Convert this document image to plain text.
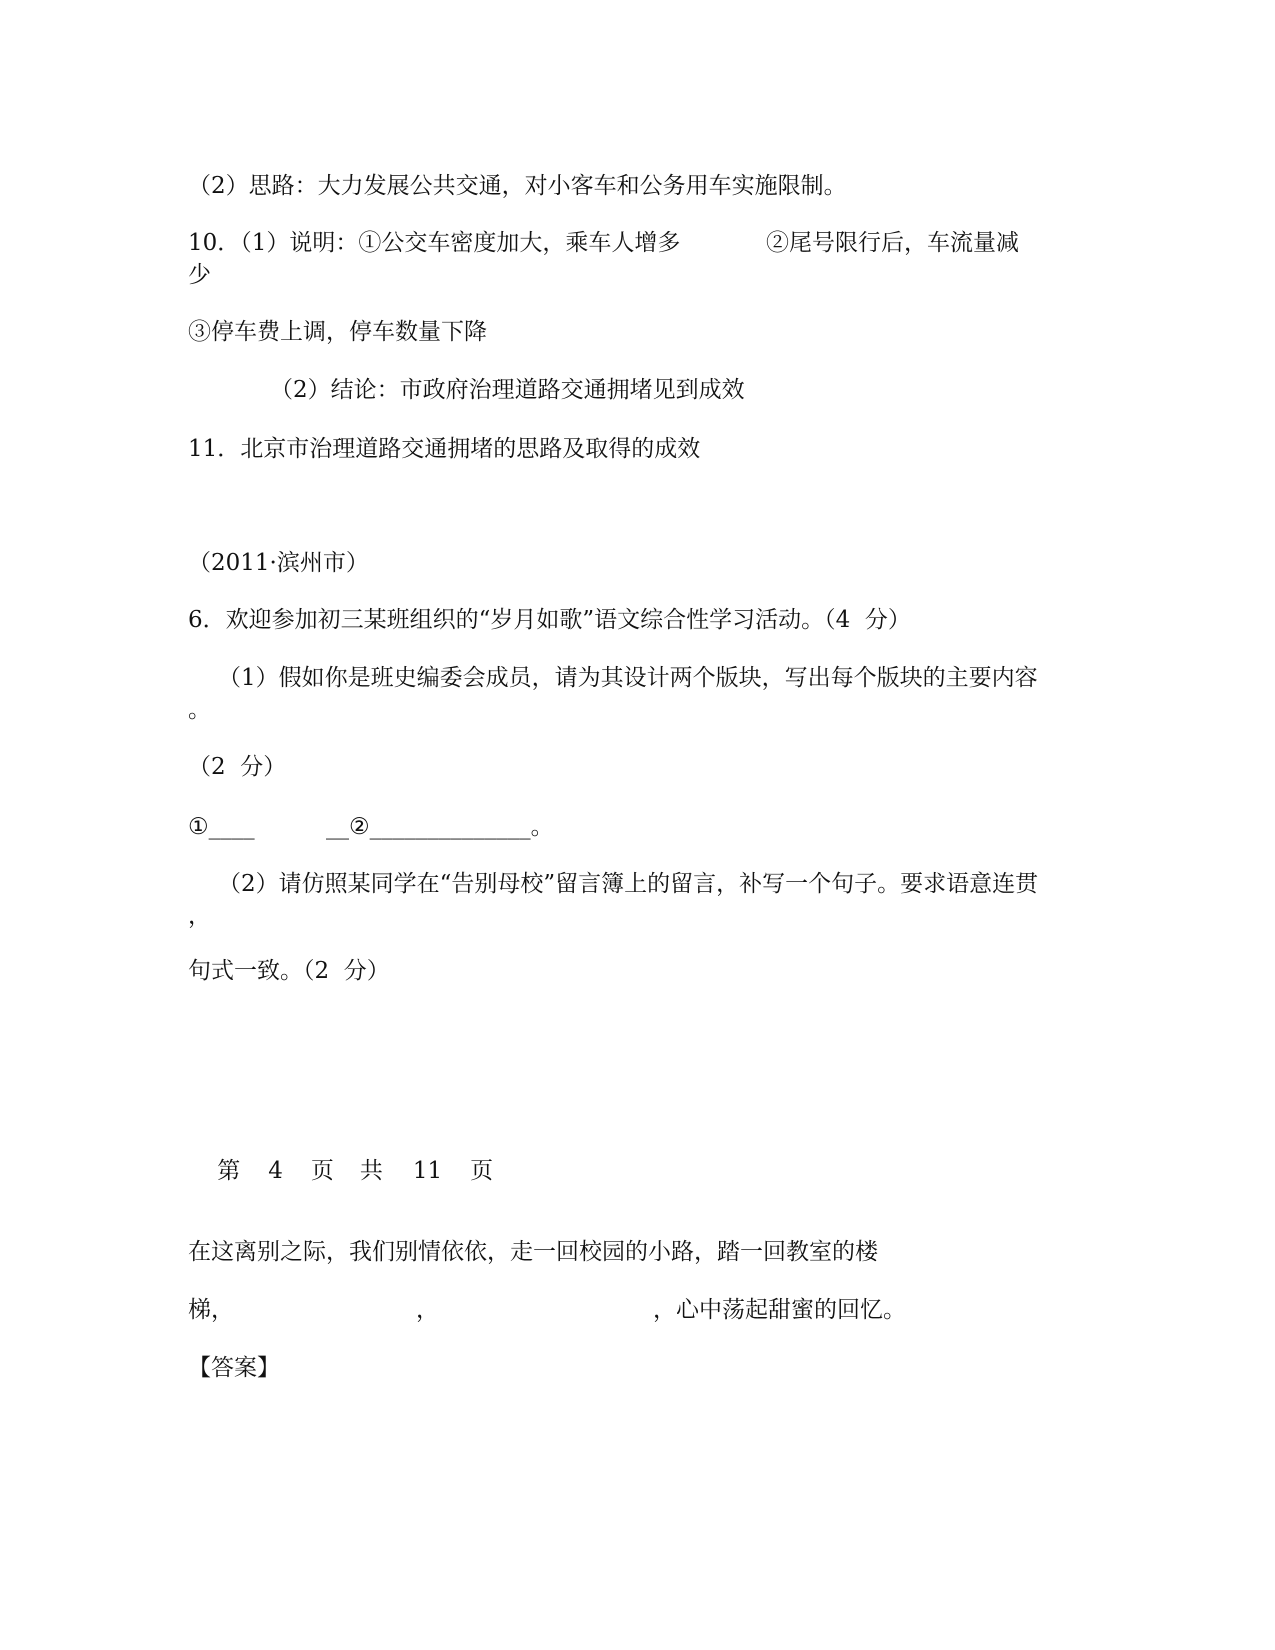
（2）思路：大力发展公共交通，对小客车和公务用车实施限制。
10．（1）说明：①公交车密度加大，乘车人增多	②尾号限行后，车流量减
少
③停车费上调，停车数量下降
（2）结论：市政府治理道路交通拥堵见到成效
11．北京市治理道路交通拥堵的思路及取得的成效
（2011·滨州市）
6．欢迎参加初三某班组织的“岁月如歌”语文综合性学习活动。（4  分）
（1）假如你是班史编委会成员，请为其设计两个版块，写出每个版块的主要内容
。
（2  分）
①____	__②______________。
（2）请仿照某同学在“告别母校”留言簿上的留言，补写一个句子。要求语意连贯
，
句式一致。（2  分）

第 4 页 共 11 页

在这离别之际，我们别情依依，走一回校园的小路，踏一回教室的楼
梯，	，	，心中荡起甜蜜的回忆。
【答案】
